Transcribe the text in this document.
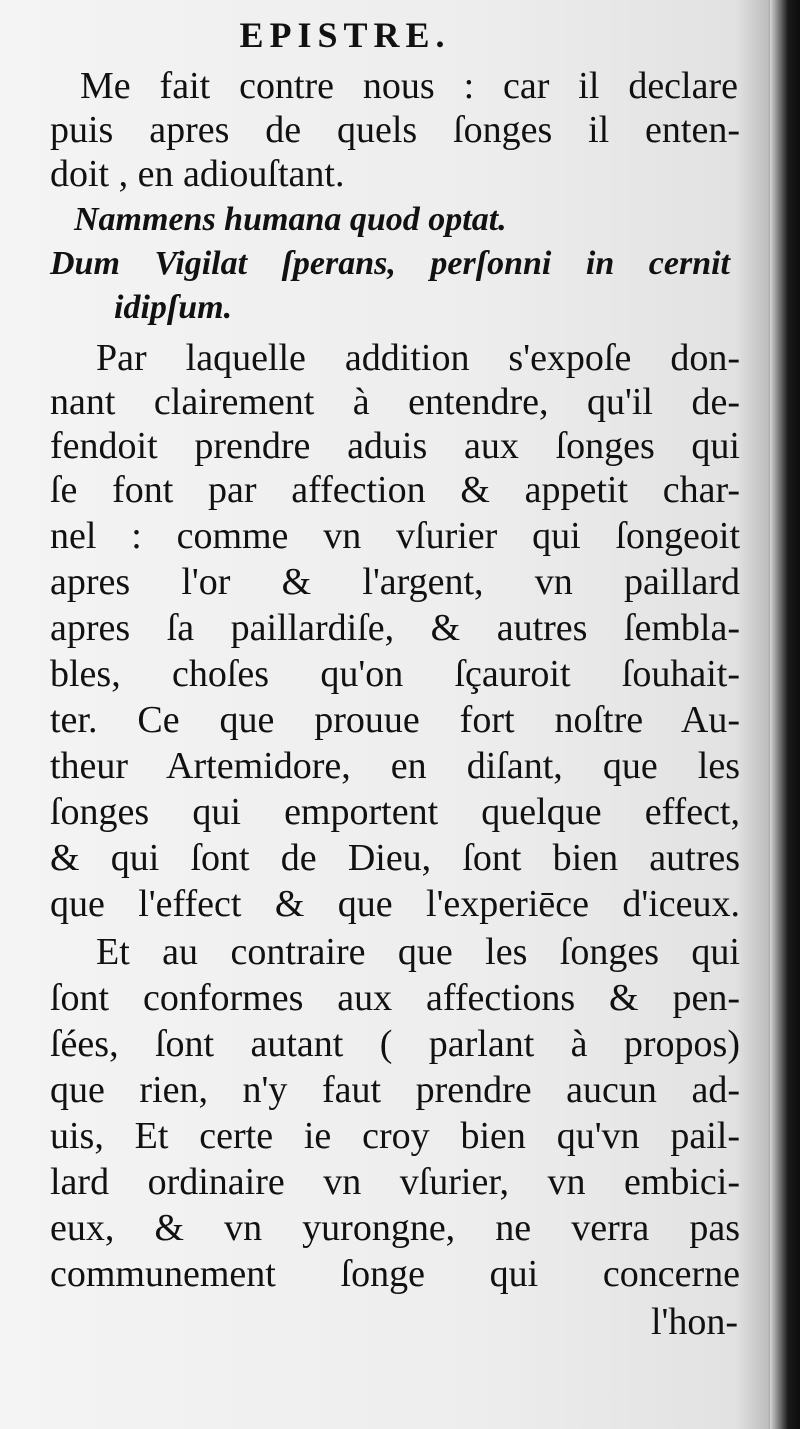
EPISTRE.
Me fait contre nous : car il declare
puis apres de quels ſonges il enten-
doit , en adiouſtant.
Nammens humana quod optat.
Dum Vigilat ſperans, perſonni in cernit
idipſum.
Par laquelle addition s'expoſe don-
nant clairement à entendre, qu'il de-
fendoit prendre aduis aux ſonges qui
ſe font par affection & appetit char-
nel : comme vn vſurier qui ſongeoit
apres l'or & l'argent, vn paillard
apres ſa paillardiſe, & autres ſembla-
bles, choſes qu'on ſçauroit ſouhait-
ter. Ce que prouue fort noſtre Au-
theur Artemidore, en diſant, que les
ſonges qui emportent quelque effect,
& qui ſont de Dieu, ſont bien autres
que l'effect & que l'experiēce d'iceux.
Et au contraire que les ſonges qui
ſont conformes aux affections & pen-
ſées, ſont autant ( parlant à propos)
que rien, n'y faut prendre aucun ad-
uis, Et certe ie croy bien qu'vn pail-
lard ordinaire vn vſurier, vn embici-
eux, & vn yurongne, ne verra pas
communement ſonge qui concerne
l'hon-
